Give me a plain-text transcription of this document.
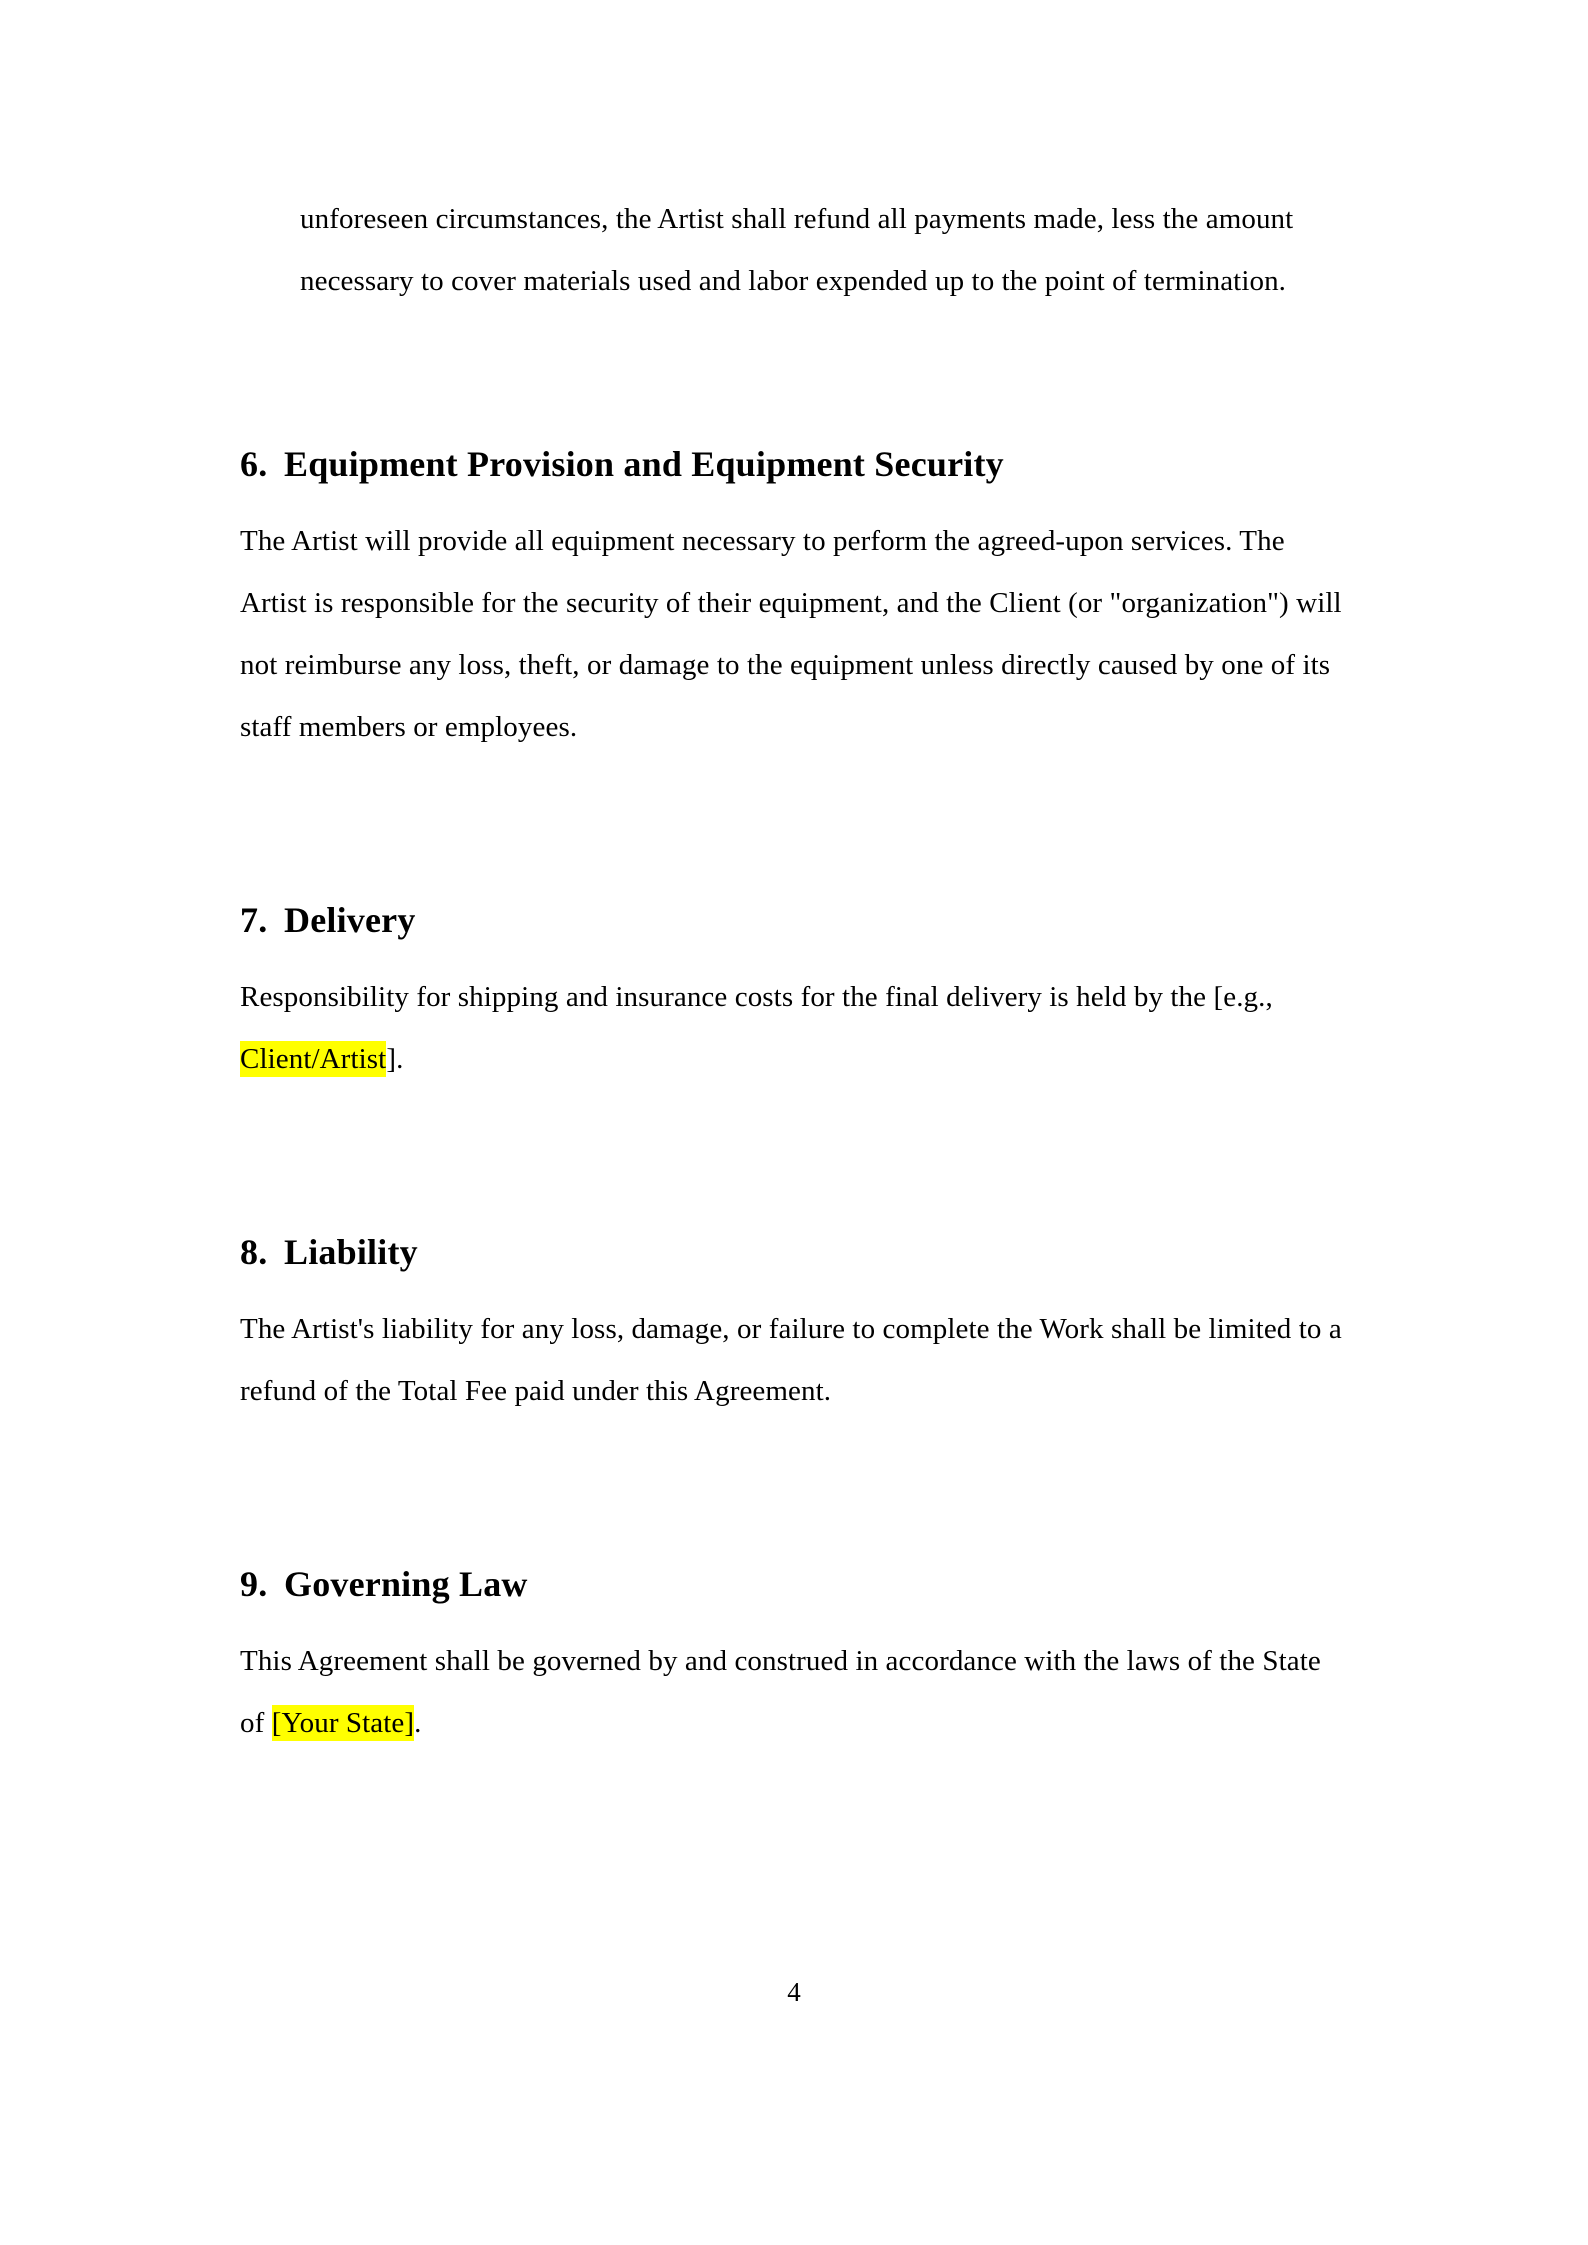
unforeseen circumstances, the Artist shall refund all payments made, less the amount necessary to cover materials used and labor expended up to the point of termination.

6. Equipment Provision and Equipment Security

The Artist will provide all equipment necessary to perform the agreed-upon services. The Artist is responsible for the security of their equipment, and the Client (or "organization") will not reimburse any loss, theft, or damage to the equipment unless directly caused by one of its staff members or employees.

7. Delivery

Responsibility for shipping and insurance costs for the final delivery is held by the [e.g., Client/Artist].

8. Liability

The Artist's liability for any loss, damage, or failure to complete the Work shall be limited to a refund of the Total Fee paid under this Agreement.

9. Governing Law

This Agreement shall be governed by and construed in accordance with the laws of the State of [Your State].

4
